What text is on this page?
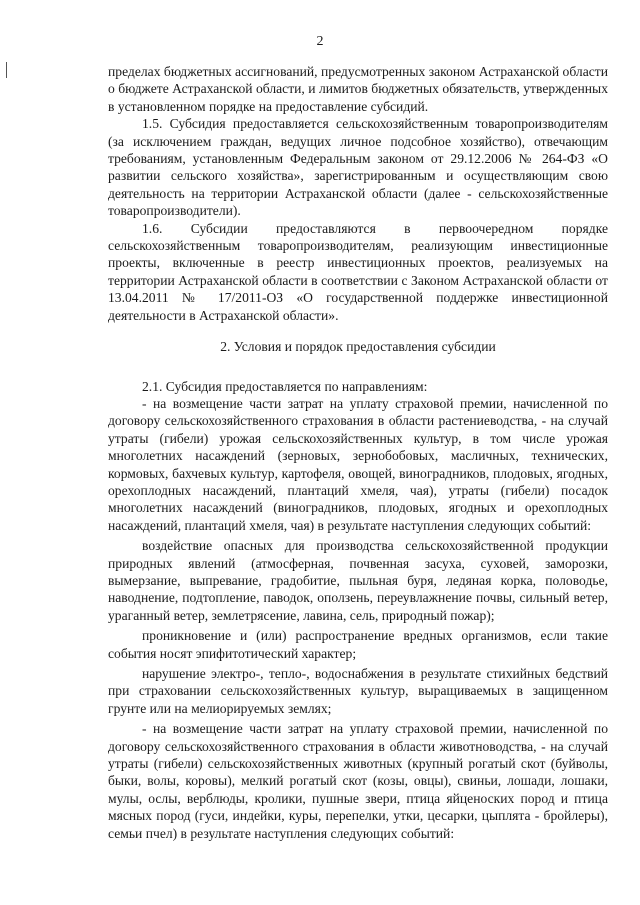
2

пределах бюджетных ассигнований, предусмотренных законом Астраханской области о бюджете Астраханской области, и лимитов бюджетных обязательств, утвержденных в установленном порядке на предоставление субсидий.

1.5. Субсидия предоставляется сельскохозяйственным товаропроизводителям (за исключением граждан, ведущих личное подсобное хозяйство), отвечающим требованиям, установленным Федеральным законом от 29.12.2006 № 264-ФЗ «О развитии сельского хозяйства», зарегистрированным и осуществляющим свою деятельность на территории Астраханской области (далее - сельскохозяйственные товаропроизводители).

1.6. Субсидии предоставляются в первоочередном порядке сельскохозяйственным товаропроизводителям, реализующим инвестиционные проекты, включенные в реестр инвестиционных проектов, реализуемых на территории Астраханской области в соответствии с Законом Астраханской области от 13.04.2011 № 17/2011-ОЗ «О государственной поддержке инвестиционной деятельности в Астраханской области».

2. Условия и порядок предоставления субсидии

2.1. Субсидия предоставляется по направлениям:

- на возмещение части затрат на уплату страховой премии, начисленной по договору сельскохозяйственного страхования в области растениеводства, - на случай утраты (гибели) урожая сельскохозяйственных культур, в том числе урожая многолетних насаждений (зерновых, зернобобовых, масличных, технических, кормовых, бахчевых культур, картофеля, овощей, виноградников, плодовых, ягодных, орехоплодных насаждений, плантаций хмеля, чая), утраты (гибели) посадок многолетних насаждений (виноградников, плодовых, ягодных и орехоплодных насаждений, плантаций хмеля, чая) в результате наступления следующих событий:

воздействие опасных для производства сельскохозяйственной продукции природных явлений (атмосферная, почвенная засуха, суховей, заморозки, вымерзание, выпревание, градобитие, пыльная буря, ледяная корка, половодье, наводнение, подтопление, паводок, оползень, переувлажнение почвы, сильный ветер, ураганный ветер, землетрясение, лавина, сель, природный пожар);

проникновение и (или) распространение вредных организмов, если такие события носят эпифитотический характер;

нарушение электро-, тепло-, водоснабжения в результате стихийных бедствий при страховании сельскохозяйственных культур, выращиваемых в защищенном грунте или на мелиорируемых землях;

- на возмещение части затрат на уплату страховой премии, начисленной по договору сельскохозяйственного страхования в области животноводства, - на случай утраты (гибели) сельскохозяйственных животных (крупный рогатый скот (буйволы, быки, волы, коровы), мелкий рогатый скот (козы, овцы), свиньи, лошади, лошаки, мулы, ослы, верблюды, кролики, пушные звери, птица яйценоских пород и птица мясных пород (гуси, индейки, куры, перепелки, утки, цесарки, цыплята - бройлеры), семьи пчел) в результате наступления следующих событий:
